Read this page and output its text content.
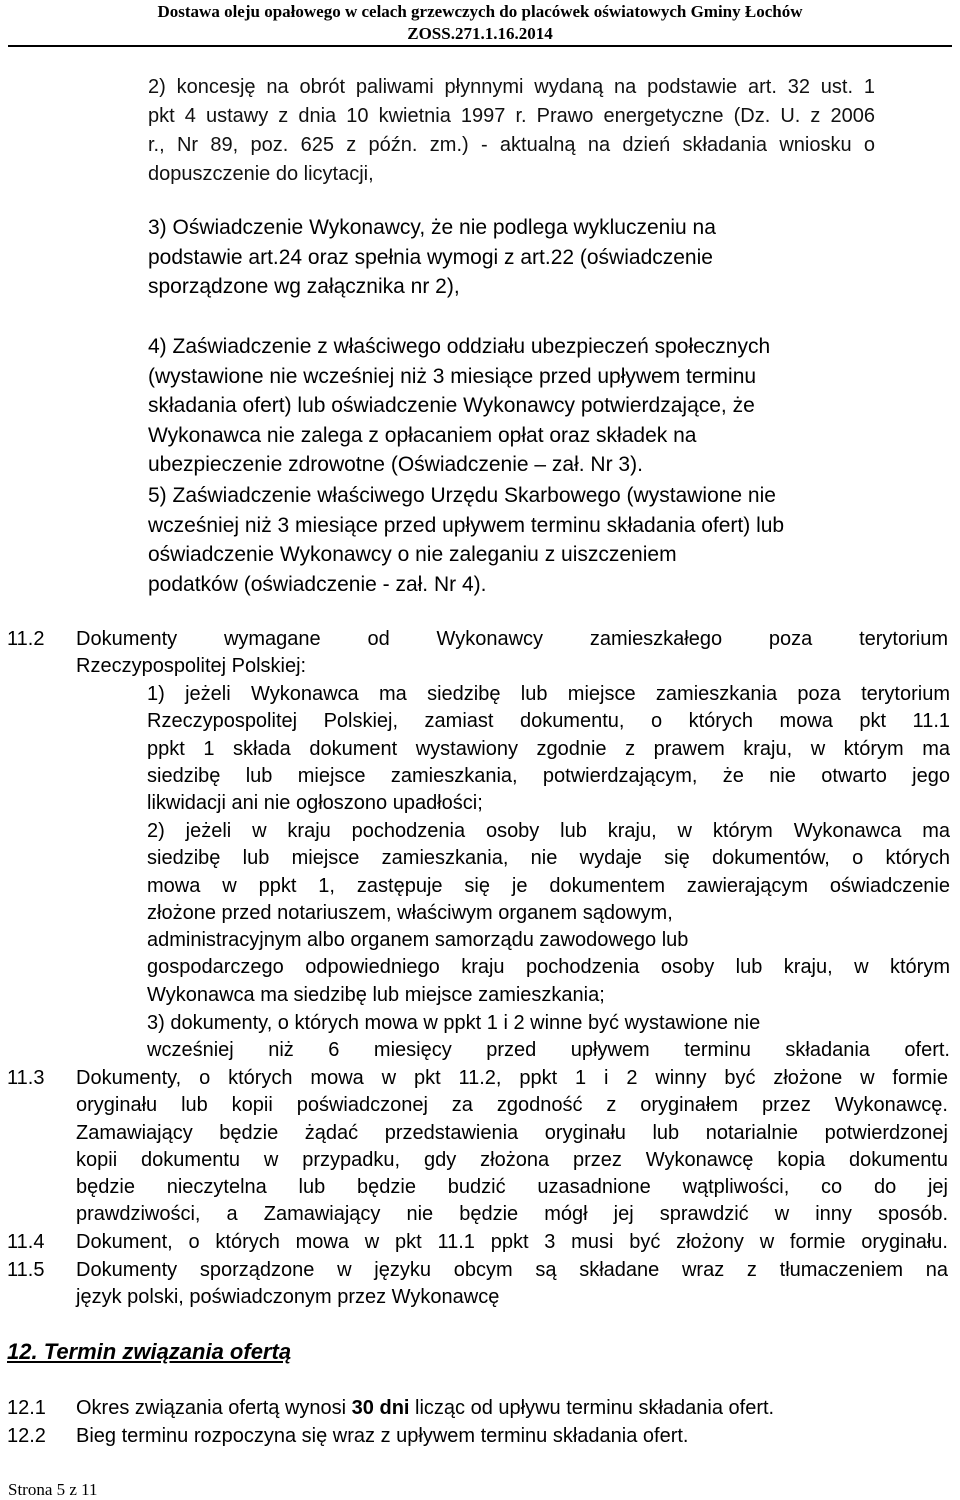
Dostawa oleju opałowego w celach grzewczych do placówek oświatowych Gminy Łochów
ZOSS.271.1.16.2014
2) koncesję na obrót paliwami płynnymi wydaną na podstawie art. 32 ust. 1
pkt 4 ustawy z dnia 10 kwietnia 1997 r. Prawo energetyczne (Dz. U. z 2006
r., Nr 89, poz. 625 z późn. zm.) - aktualną na dzień składania wniosku o
dopuszczenie do licytacji,
3) Oświadczenie Wykonawcy, że nie podlega wykluczeniu na
podstawie art.24 oraz spełnia wymogi z art.22 (oświadczenie
sporządzone wg załącznika nr 2),
4) Zaświadczenie z właściwego oddziału ubezpieczeń społecznych
(wystawione nie wcześniej niż 3 miesiące przed upływem terminu
składania ofert) lub oświadczenie Wykonawcy potwierdzające, że
Wykonawca nie zalega z opłacaniem opłat oraz składek na
ubezpieczenie zdrowotne (Oświadczenie – zał. Nr 3).
5) Zaświadczenie właściwego Urzędu Skarbowego (wystawione nie
wcześniej niż 3 miesiące przed upływem terminu składania ofert) lub
oświadczenie Wykonawcy o nie zaleganiu z uiszczeniem
podatków (oświadczenie - zał. Nr 4).
11.2 Dokumenty wymagane od Wykonawcy zamieszkałego poza terytorium
Rzeczypospolitej Polskiej:
1) jeżeli Wykonawca ma siedzibę lub miejsce zamieszkania poza terytorium
Rzeczypospolitej Polskiej, zamiast dokumentu, o których mowa pkt 11.1
ppkt 1 składa dokument wystawiony zgodnie z prawem kraju, w którym ma
siedzibę lub miejsce zamieszkania, potwierdzającym, że nie otwarto jego
likwidacji ani nie ogłoszono upadłości;
2) jeżeli w kraju pochodzenia osoby lub kraju, w którym Wykonawca ma
siedzibę lub miejsce zamieszkania, nie wydaje się dokumentów, o których
mowa w ppkt 1, zastępuje się je dokumentem zawierającym oświadczenie
złożone przed notariuszem, właściwym organem sądowym,
administracyjnym albo organem samorządu zawodowego lub
gospodarczego odpowiedniego kraju pochodzenia osoby lub kraju, w którym
Wykonawca ma siedzibę lub miejsce zamieszkania;
3) dokumenty, o których mowa w ppkt 1 i 2 winne być wystawione nie
wcześniej niż 6 miesięcy przed upływem terminu składania ofert.
11.3 Dokumenty, o których mowa w pkt 11.2, ppkt 1 i 2 winny być złożone w formie
oryginału lub kopii poświadczonej za zgodność z oryginałem przez Wykonawcę.
Zamawiający będzie żądać przedstawienia oryginału lub notarialnie potwierdzonej
kopii dokumentu w przypadku, gdy złożona przez Wykonawcę kopia dokumentu
będzie nieczytelna lub będzie budzić uzasadnione wątpliwości, co do jej
prawdziwości, a Zamawiający nie będzie mógł jej sprawdzić w inny sposób.
11.4 Dokument, o których mowa w pkt 11.1 ppkt 3 musi być złożony w formie oryginału.
11.5 Dokumenty sporządzone w języku obcym są składane wraz z tłumaczeniem na
język polski, poświadczonym przez Wykonawcę
12. Termin związania ofertą
12.1 Okres związania ofertą wynosi 30 dni licząc od upływu terminu składania ofert.
12.2 Bieg terminu rozpoczyna się wraz z upływem terminu składania ofert.
Strona 5 z 11
